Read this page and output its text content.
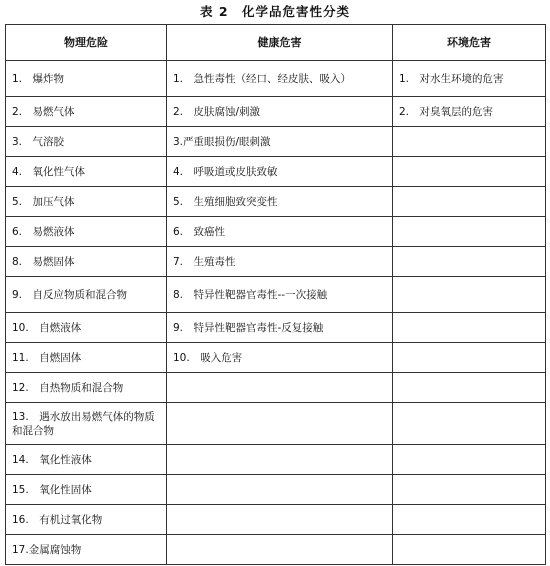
表 2　化学品危害性分类
物理危险	健康危害	环境危害
1.　爆炸物	1.　急性毒性（经口、经皮肤、吸入）	1.　对水生环境的危害
2.　易燃气体	2.　皮肤腐蚀/刺激	2.　对臭氧层的危害
3.　气溶胶	3.严重眼损伤/眼刺激	
4.　氧化性气体	4.　呼吸道或皮肤致敏	
5.　加压气体	5.　生殖细胞致突变性	
6.　易燃液体	6.　致癌性	
8.　易燃固体	7.　生殖毒性	
9.　自反应物质和混合物	8.　特异性靶器官毒性--一次接触	
10.　自燃液体	9.　特异性靶器官毒性-反复接触	
11.　自燃固体	10.　吸入危害	
12.　自热物质和混合物		
13.　遇水放出易燃气体的物质和混合物		
14.　氧化性液体		
15.　氧化性固体		
16.　有机过氧化物		
17.金属腐蚀物		
